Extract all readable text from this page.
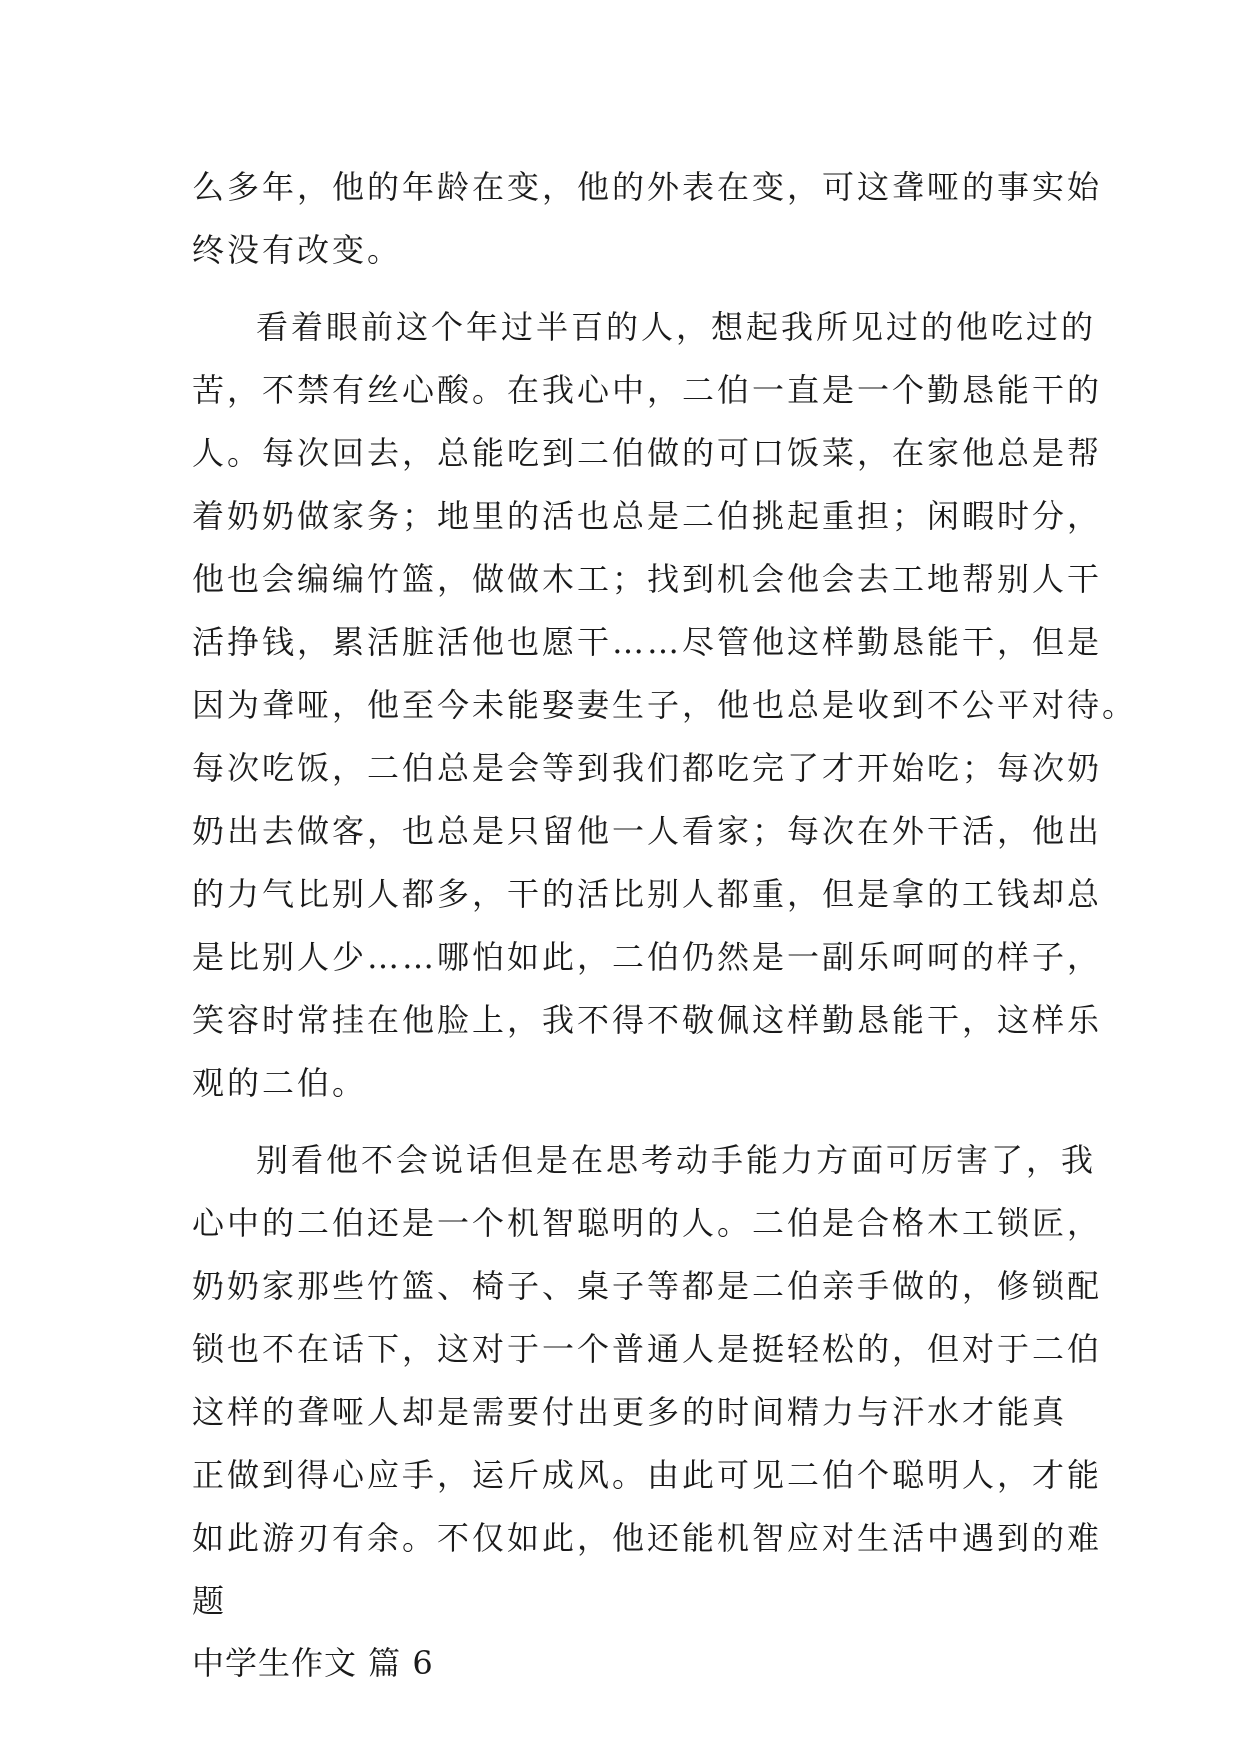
么多年，他的年龄在变，他的外表在变，可这聋哑的事实始
终没有改变。
看着眼前这个年过半百的人，想起我所见过的他吃过的
苦，不禁有丝心酸。在我心中，二伯一直是一个勤恳能干的
人。每次回去，总能吃到二伯做的可口饭菜，在家他总是帮
着奶奶做家务；地里的活也总是二伯挑起重担；闲暇时分，
他也会编编竹篮，做做木工；找到机会他会去工地帮别人干
活挣钱，累活脏活他也愿干……尽管他这样勤恳能干，但是
因为聋哑，他至今未能娶妻生子，他也总是收到不公平对待。
每次吃饭，二伯总是会等到我们都吃完了才开始吃；每次奶
奶出去做客，也总是只留他一人看家；每次在外干活，他出
的力气比别人都多，干的活比别人都重，但是拿的工钱却总
是比别人少……哪怕如此，二伯仍然是一副乐呵呵的样子，
笑容时常挂在他脸上，我不得不敬佩这样勤恳能干，这样乐
观的二伯。
别看他不会说话但是在思考动手能力方面可厉害了，我
心中的二伯还是一个机智聪明的人。二伯是合格木工锁匠，
奶奶家那些竹篮、椅子、桌子等都是二伯亲手做的，修锁配
锁也不在话下，这对于一个普通人是挺轻松的，但对于二伯
这样的聋哑人却是需要付出更多的时间精力与汗水才能真
正做到得心应手，运斤成风。由此可见二伯个聪明人，才能
如此游刃有余。不仅如此，他还能机智应对生活中遇到的难
题
中学生作文 篇 6
